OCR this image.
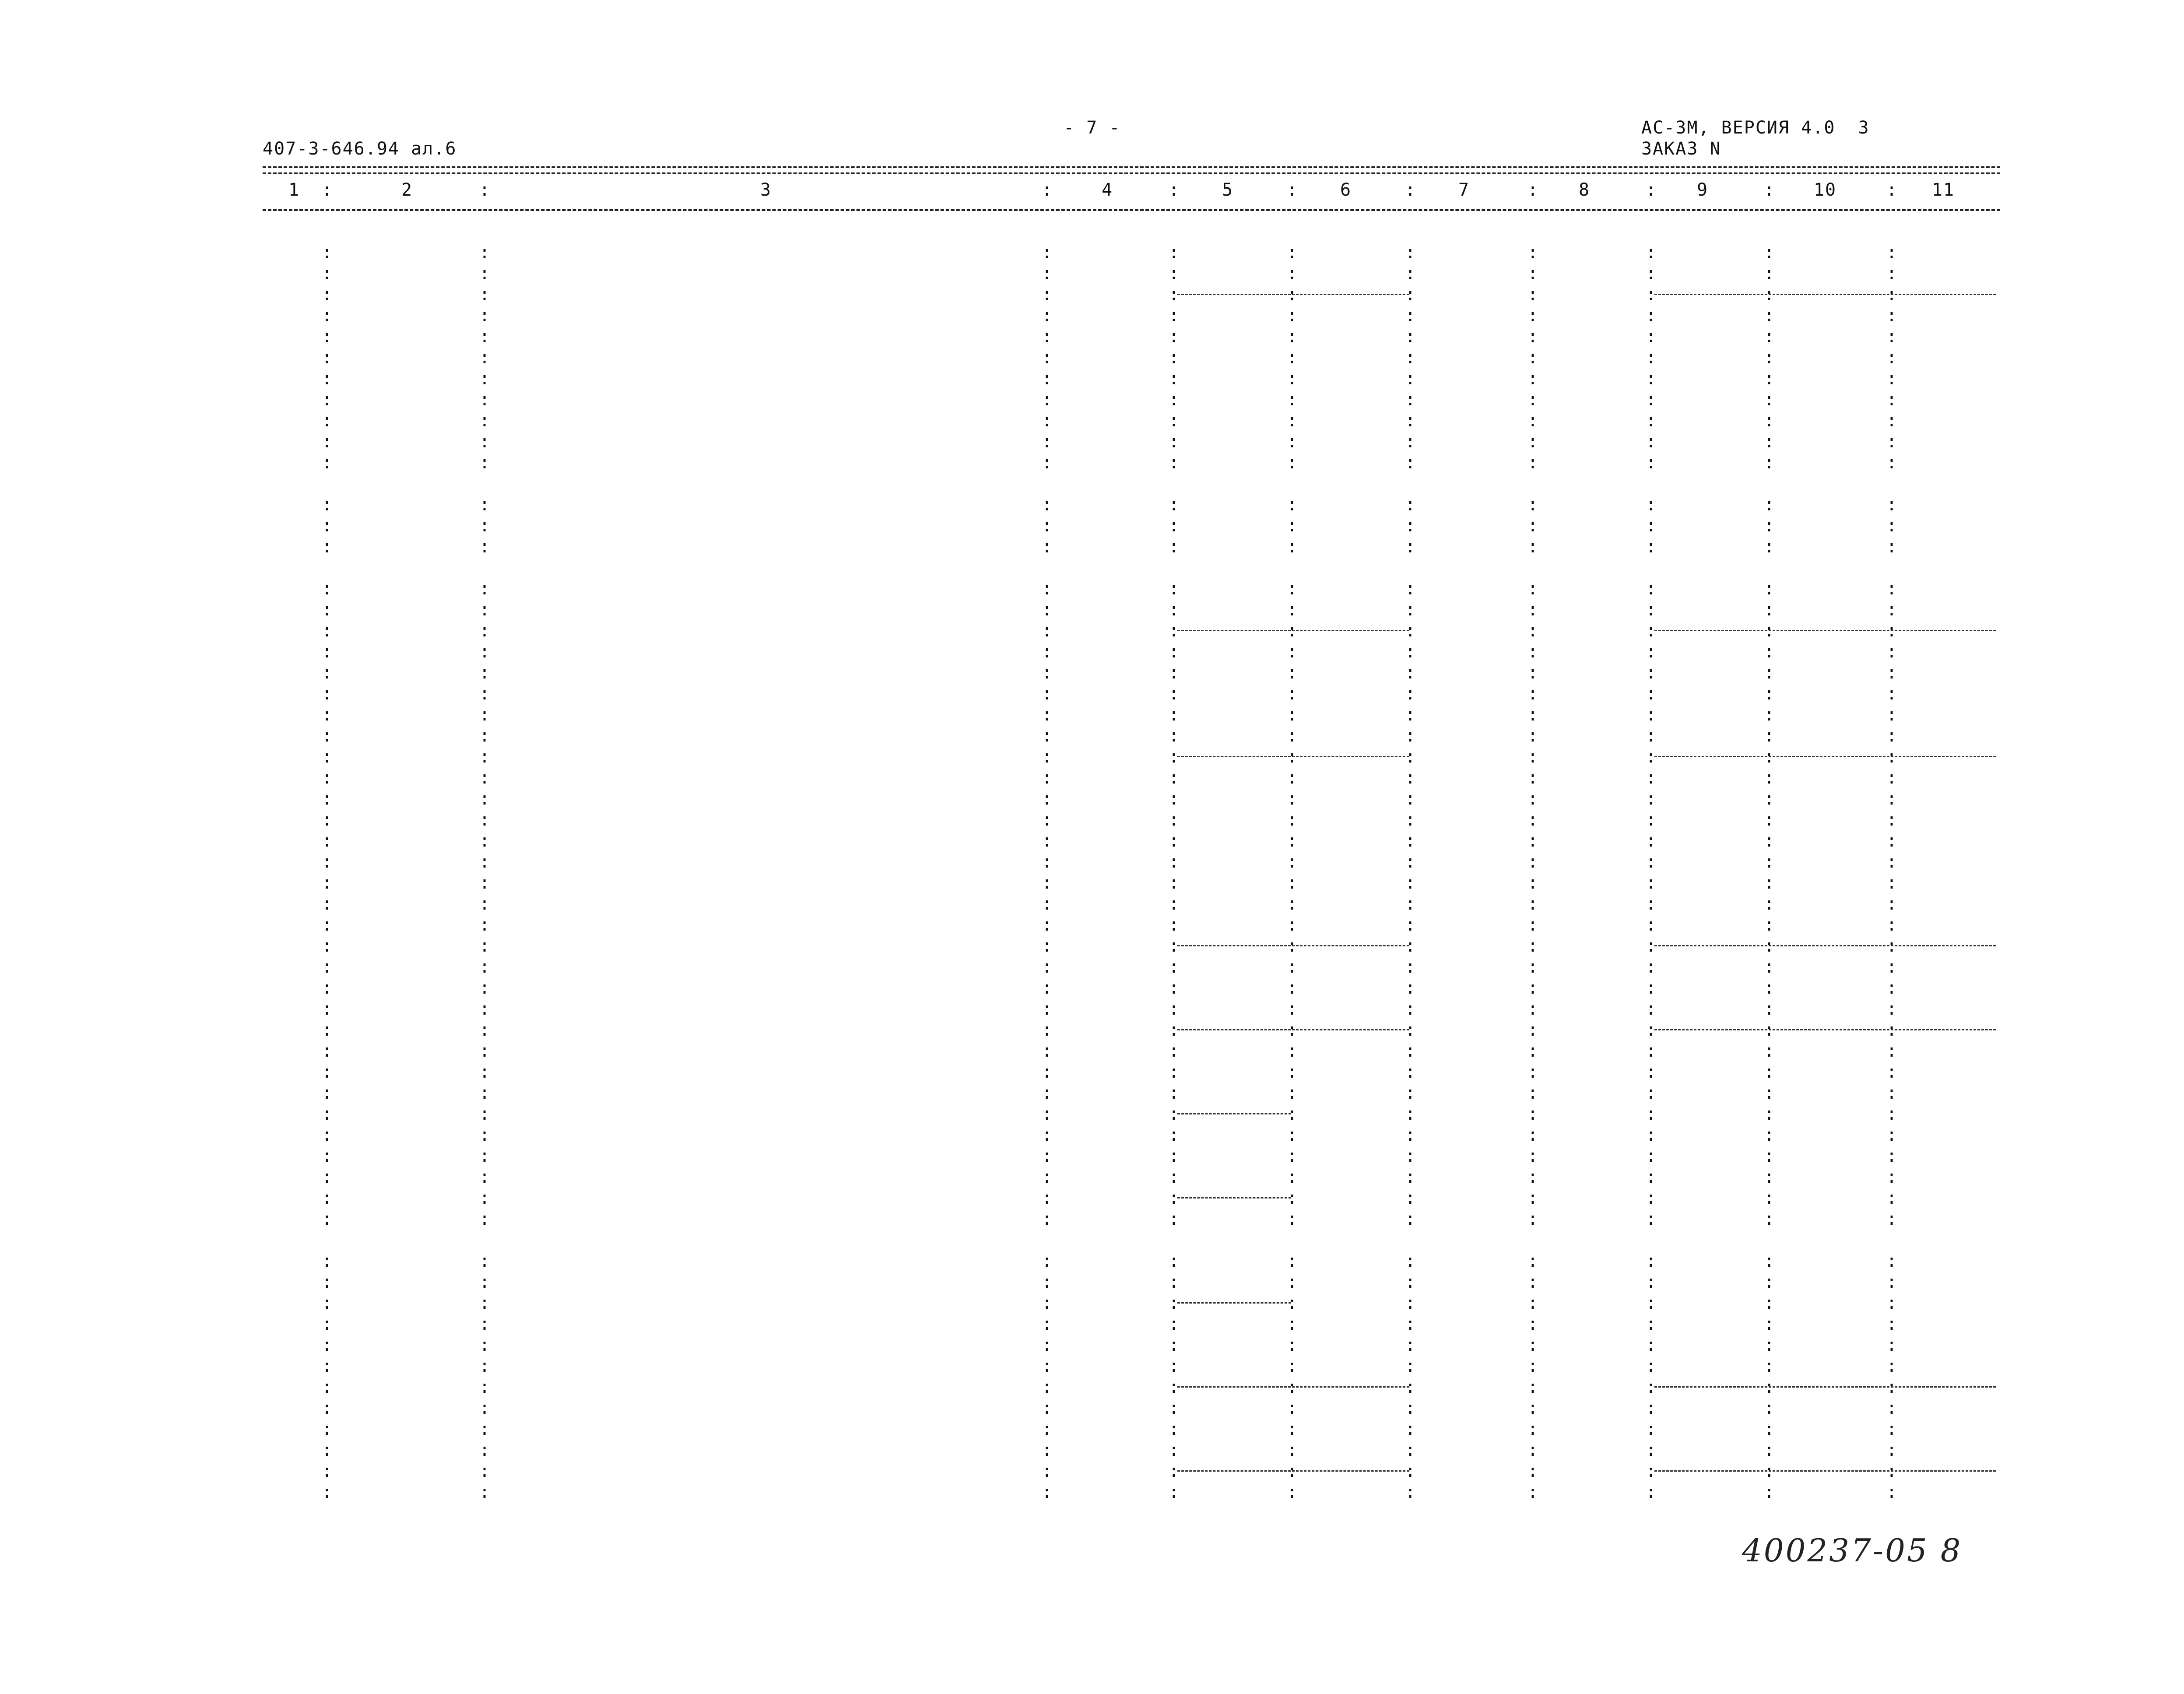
407-3-646.94 ал.6
- 7 -	АС-3М, ВЕРСИЯ 4.0  3
ЗАКАЗ N
400237-05 8
1	2	3	4	5	6	7	8	9	10	11
:	:	:	:	:	:	:	:	:	:
:	:	:	:	:	:	:	:	:	:
:	:	:	:	:	:	:	:	:	:
:	:	:	:	:	:	:	:	:	:
:	:	:	:	:	:	:	:	:	:
:	:	:	:	:	:	:	:	:	:
:	:	:	:	:	:	:	:	:	:
:	:	:	:	:	:	:	:	:	:
:	:	:	:	:	:	:	:	:	:
:	:	:	:	:	:	:	:	:	:
:	:	:	:	:	:	:	:	:	:
:	:	:	:	:	:	:	:	:	:
:	:	:	:	:	:	:	:	:	:
:	:	:	:	:	:	:	:	:	:
:	:	:	:	:	:	:	:	:	:
:	:	:	:	:	:	:	:	:	:
:	:	:	:	:	:	:	:	:	:
:	:	:	:	:	:	:	:	:	:
:	:	:	:	:	:	:	:	:	:
:	:	:	:	:	:	:	:	:	:
:	:	:	:	:	:	:	:	:	:
:	:	:	:	:	:	:	:	:	:
:	:	:	:	:	:	:	:	:	:
:	:	:	:	:	:	:	:	:	:
:	:	:	:	:	:	:	:	:	:
:	:	:	:	:	:	:	:	:	:
:	:	:	:	:	:	:	:	:	:
:	:	:	:	:	:	:	:	:	:
:	:	:	:	:	:	:	:	:	:
:	:	:	:	:	:	:	:	:	:
:	:	:	:	:	:	:	:	:	:
:	:	:	:	:	:	:	:	:	:
:	:	:	:	:	:	:	:	:	:
:	:	:	:	:	:	:	:	:	:
:	:	:	:	:	:	:	:	:	:
:	:	:	:	:	:	:	:	:	:
:	:	:	:	:	:	:	:	:	:
:	:	:	:	:	:	:	:	:	:
:	:	:	:	:	:	:	:	:	:
:	:	:	:	:	:	:	:	:	:
:	:	:	:	:	:	:	:	:	:
:	:	:	:	:	:	:	:	:	:
:	:	:	:	:	:	:	:	:	:
:	:	:	:	:	:	:	:	:	:
:	:	:	:	:	:	:	:	:	:
:	:	:	:	:	:	:	:	:	:
:	:	:	:	:	:	:	:	:	:
:	:	:	:	:	:	:	:	:	:
:	:	:	:	:	:	:	:	:	:
:	:	:	:	:	:	:	:	:	:
:	:	:	:	:	:	:	:	:	:
:	:	:	:	:	:	:	:	:	:
:	:	:	:	:	:	:	:	:	:
:	:	:	:	:	:	:	:	:	:
:	:	:	:	:	:	:	:	:	:
:	:	:	:	:	:	:	:	:	:
:	:	:	:	:	:	:	:	:	:
:	:	:	:	:	:	:	:	:	:
